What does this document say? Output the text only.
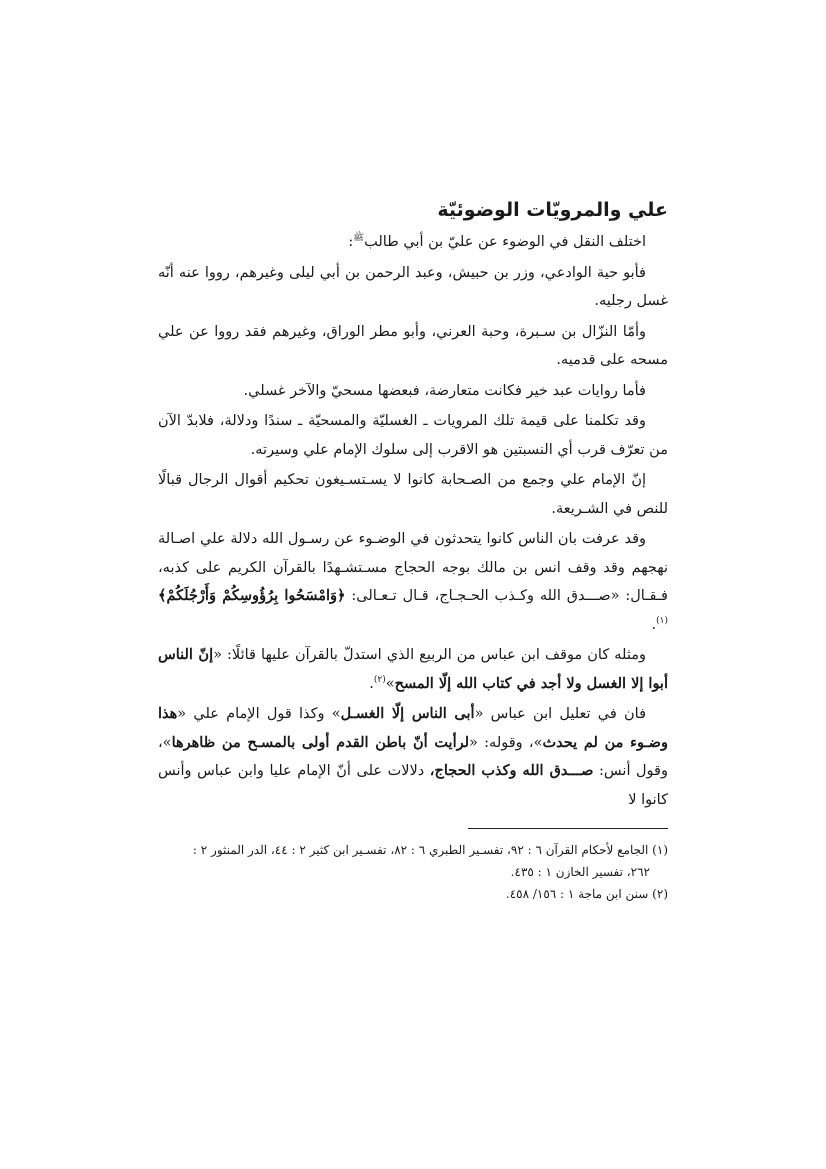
علي والمرويّات الوضوئيّة

اختلف النقل في الوضوء عن عليّ بن أبي طالب$^ﷺ$:

فأبو حية الوادعي، وزر بن حبيش، وعبد الرحمن بن أبي ليلى وغيرهم، رووا عنه أنّه غسل رجليه.

وأمّا النزّال بن سـبرة، وحبة العرني، وأبو مطر الوراق، وغيرهم فقد رووا عن علي مسحه على قدميه.

فأما روايات عبد خير فكانت متعارضة، فبعضها مسحيّ والآخر غسلي.

وقد تكلمنا على قيمة تلك المرويات ـ الغسليّة والمسحيّة ـ سندًا ودلالة، فلابدّ الآن من تعرّف قرب أي النسبتين هو الاقرب إلى سلوك الإمام علي وسيرته.

إنّ الإمام علي وجمع من الصـحابة كانوا لا يسـتسـيغون تحكيم أقوال الرجال قبالًا للنص في الشـريعة.

وقد عرفت بان الناس كانوا يتحدثون في الوضـوء عن رسـول الله دلالة علي اصـالة نهجهم وقد وقف انس بن مالك بوجه الحجاج مسـتشـهدًا بالقرآن الكريم على كذبه، فـقـال: «صـــدق الله وكـذب الحـجـاج، قـال تـعـالى: ﴿وَامْسَحُوا بِرُؤُوسِكُمْ وَأَرْجُلَكُمْ﴾$^{(١)}$.

ومثله كان موقف ابن عباس من الربيع الذي استدلّ بالقرآن عليها قائلًا: «إنّ الناس أبوا إلا الغسل ولا أجد في كتاب الله إلّا المسح»$^{(٢)}$.

فان في تعليل ابن عباس «أبى الناس إلّا الغسـل» وكذا قول الإمام علي «هذا وضـوء من لم يحدث»، وقوله: «لرأيت أنّ باطن القدم أولى بالمسـح من ظاهرها»، وقول أنس: صـــدق الله وكذب الحجاج، دلالات على أنّ الإمام عليا وابن عباس وأنس كانوا لا

(١) الجامع لأحكام القرآن ٦ : ٩٢، تفسـير الطبري ٦ : ٨٢، تفسـير ابن كثير ٢ : ٤٤، الدر المنثور ٢ :
٢٦٢، تفسير الخازن ١ : ٤٣٥.

(٢) سنن ابن ماجة ١ : ١٥٦/ ٤٥٨.
